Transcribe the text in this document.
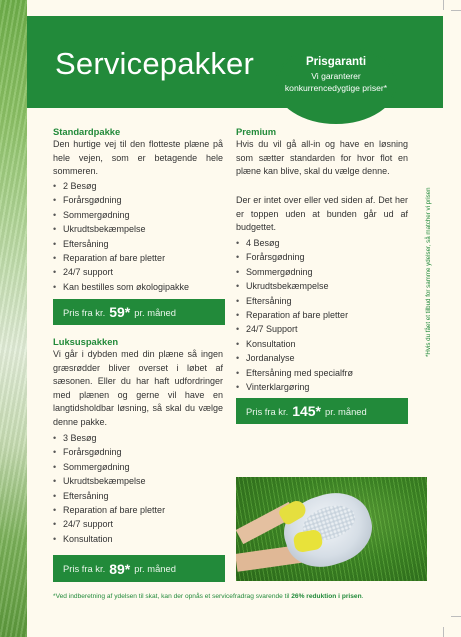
Servicepakker	Prisgaranti
Vi garanterer konkurrencedygtige priser*
Standardpakke
Den hurtige vej til den flotteste plæne på hele vejen, som er betagende hele sommeren.
• 2 Besøg
• Forårsgødning
• Sommergødning
• Ukrudtsbekæmpelse
• Eftersåning
• Reparation af bare pletter
• 24/7 support
• Kan bestilles som økologipakke
Pris fra kr. 59* pr. måned
Luksuspakken
Vi går i dybden med din plæne så ingen græsrødder bliver overset i løbet af sæsonen. Eller du har haft udfordringer med plænen og gerne vil have en langtidsholdbar løsning, så skal du vælge denne pakke.
• 3 Besøg
• Forårsgødning
• Sommergødning
• Ukrudtsbekæmpelse
• Eftersåning
• Reparation af bare pletter
• 24/7 support
• Konsultation
Pris fra kr. 89* pr. måned
Premium
Hvis du vil gå all-in og have en løsning som sætter standarden for hvor flot en plæne kan blive, skal du vælge denne.
Der er intet over eller ved siden af. Det her er toppen uden at bunden går ud af budgettet.
• 4 Besøg
• Forårsgødning
• Sommergødning
• Ukrudtsbekæmpelse
• Eftersåning
• Reparation af bare pletter
• 24/7 Support
• Konsultation
• Jordanalyse
• Eftersåning med specialfrø
• Vinterklargøring
Pris fra kr. 145* pr. måned
*Hvis du fået et tilbud for samme ydelser, så matcher vi prisen
*Ved indberetning af ydelsen til skat, kan der opnås et servicefradrag svarende til 26% reduktion i prisen.
